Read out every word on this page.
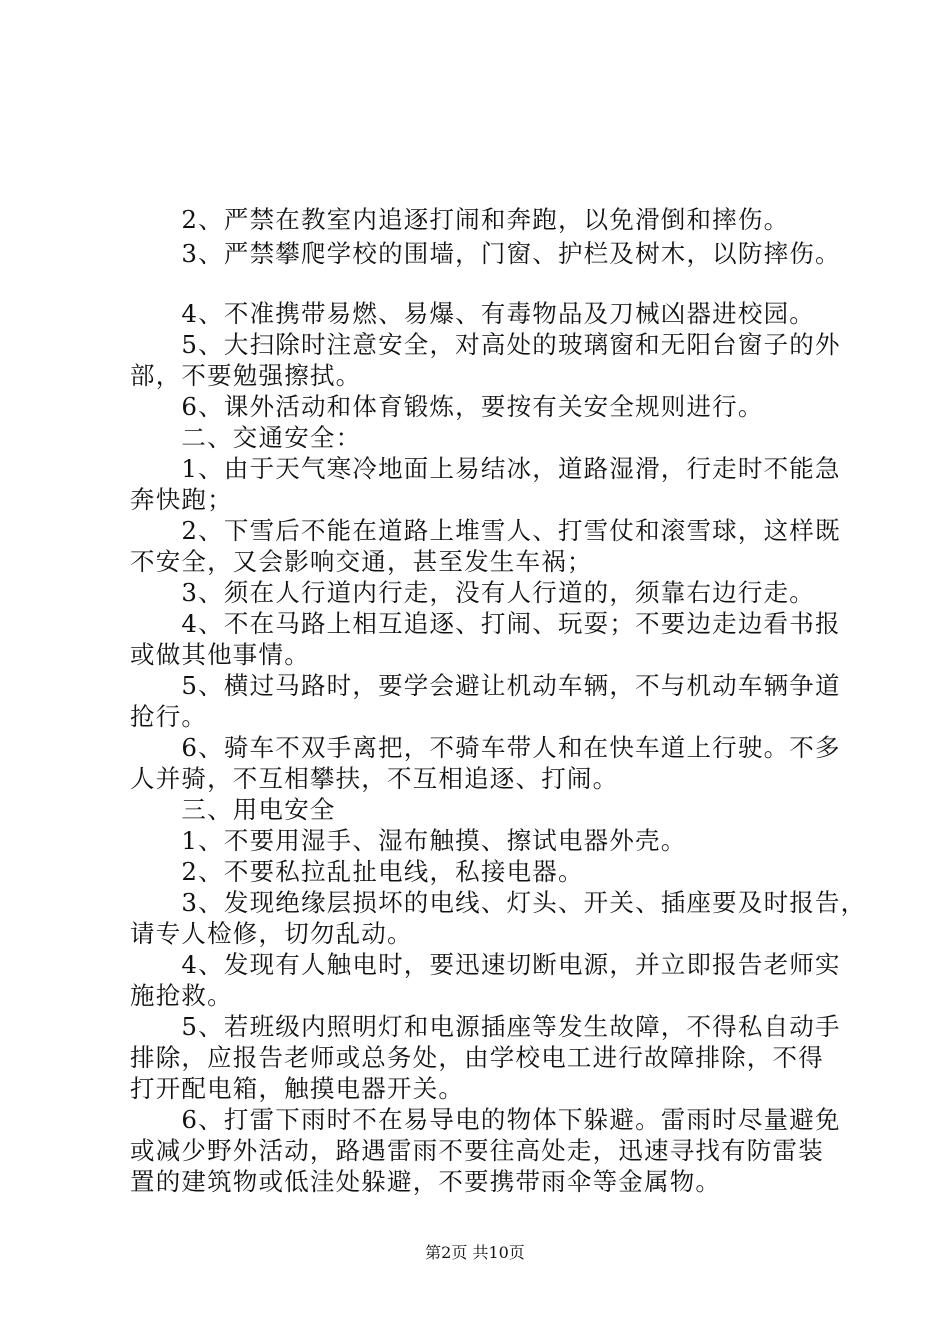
　　2、严禁在教室内追逐打闹和奔跑，以免滑倒和摔伤。
　　3、严禁攀爬学校的围墙，门窗、护栏及树木，以防摔伤。
　　4、不准携带易燃、易爆、有毒物品及刀械凶器进校园。
　　5、大扫除时注意安全，对高处的玻璃窗和无阳台窗子的外
部，不要勉强擦拭。
　　6、课外活动和体育锻炼，要按有关安全规则进行。
　　二、交通安全：
　　1、由于天气寒冷地面上易结冰，道路湿滑，行走时不能急
奔快跑；
　　2、下雪后不能在道路上堆雪人、打雪仗和滚雪球，这样既
不安全，又会影响交通，甚至发生车祸；
　　3、须在人行道内行走，没有人行道的，须靠右边行走。
　　4、不在马路上相互追逐、打闹、玩耍；不要边走边看书报
或做其他事情。
　　5、横过马路时，要学会避让机动车辆，不与机动车辆争道
抢行。
　　6、骑车不双手离把，不骑车带人和在快车道上行驶。不多
人并骑，不互相攀扶，不互相追逐、打闹。
　　三、用电安全
　　1、不要用湿手、湿布触摸、擦试电器外壳。
　　2、不要私拉乱扯电线，私接电器。
　　3、发现绝缘层损坏的电线、灯头、开关、插座要及时报告，
请专人检修，切勿乱动。
　　4、发现有人触电时，要迅速切断电源，并立即报告老师实
施抢救。
　　5、若班级内照明灯和电源插座等发生故障，不得私自动手
排除，应报告老师或总务处，由学校电工进行故障排除，不得
打开配电箱，触摸电器开关。
　　6、打雷下雨时不在易导电的物体下躲避。雷雨时尽量避免
或减少野外活动，路遇雷雨不要往高处走，迅速寻找有防雷装
置的建筑物或低洼处躲避，不要携带雨伞等金属物。
第2页 共10页
